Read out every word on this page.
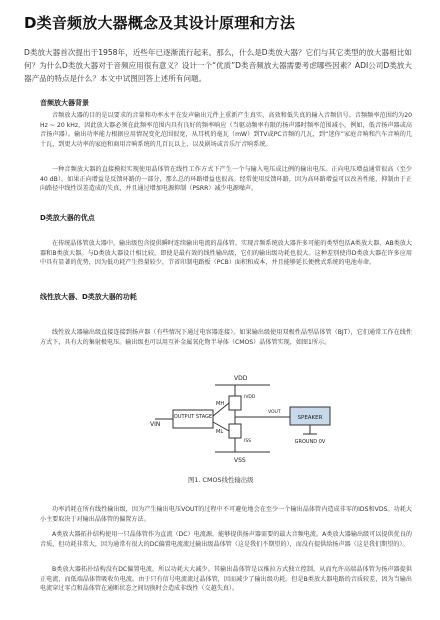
D类音频放大器概念及其设计原理和方法
D类放大器首次提出于1958年，近些年已逐渐流行起来。那么，什么是D类放大器？它们与其它类型的放大器相比如何？为什么D类放大器对于音频应用很有意义？设计一个“优质”D类音频放大器需要考虑哪些因素？ADI公司D类放大器产品的特点是什么？本文中试图回答上述所有问题。
音频放大器背景
音频放大器的目的是以要求的音量和功率水平在发声输出元件上重新产生真实、高效和低失真的输入音频信号。音频频率范围约为20 Hz ~ 20 kHz，因此放大器必须在此频率范围内具有良好的频率响应（当驱动频率有限的扬声器时频率范围减小，例如，低音扬声器或高音扬声器）。输出功率能力根据应用情况变化范围很宽，从耳机的毫瓦（mW）到TV或PC音频的几瓦，到“迷你”家庭音响和汽车音响的几十瓦，到更大功率的家庭和商用音响系统的几百瓦以上，以及剧场或音乐厅音响系统。
一种音频放大器的直接模拟实现使用晶体管在线性工作方式下产生一个与输入电压成比例的输出电压。正向电压增益通常很高（至少40 dB）。如果正向增益是反馈环路的一部分，那么总的环路增益也很高。经常使用反馈环路，因为高环路增益可以改善性能，抑制由于正向路径中线性误差造成的失真，并且通过增加电源抑制（PSRR）减少电源噪声。
D类放大器的优点
在传统晶体管放大器中，输出级包含提供瞬时连续输出电流的晶体管。实现音频系统放大器许多可能的类型包括A类放大器，AB类放大器和B类放大器。与D类放大器设计相比较，即使是最有效的线性输出级，它们的输出级功耗也很大。这种差别使得D类放大器在许多应用中具有显著的优势，因为低功耗产生热量较少，节省印制电路板（PCB）面积和成本，并且能够延长便携式系统的电池寿命。
线性放大器、D类放大器的功耗
线性放大器输出级直接连接到扬声器（有些情况下通过电容器连接）。如果输出级使用双极性晶型晶体管（BJT），它们通常工作在线性方式下，具有大的集射极电压。输出级也可以用互补金属氧化物半导体（CMOS）晶体管实现，如图1所示。
VDD
OUTPUT STAGE
VIN
MH
ML
IVDD
ISS
VSS
VOUT
SPEAKER
GROUND 0V
图1. CMOS线性输出级
功率消耗在所有线性输出级，因为产生输出电压VOUT的过程中不可避免地会在至少一个输出晶体管内造成非零的IDS和VDS。功耗大小主要取决于对输出晶体管的偏置方法。
A类放大器拓扑结构使用一只晶体管作为直流（DC）电流源，能够提供扬声器需要的最大音频电流。A类放大器输出级可以提供优良的音质，但功耗非常大，因为通常有很大的DC偏置电流流过输出级晶体管（这是我们不期望的），而没有提供给扬声器（这是我们期望的）。
B类放大器拓扑结构没有DC偏置电流，所以功耗大大减少。其输出晶体管是以推拉方式独立控制，从而允许高端晶体管为扬声器提供正电流，而低端晶体管吸收负电流。由于只有信号电流流过晶体管，因而减少了输出级功耗。但是B类放大器电路的音质较差，因为当输出电流穿过零点和晶体管在通断状态之间切换时会造成非线性（交越失真）。
